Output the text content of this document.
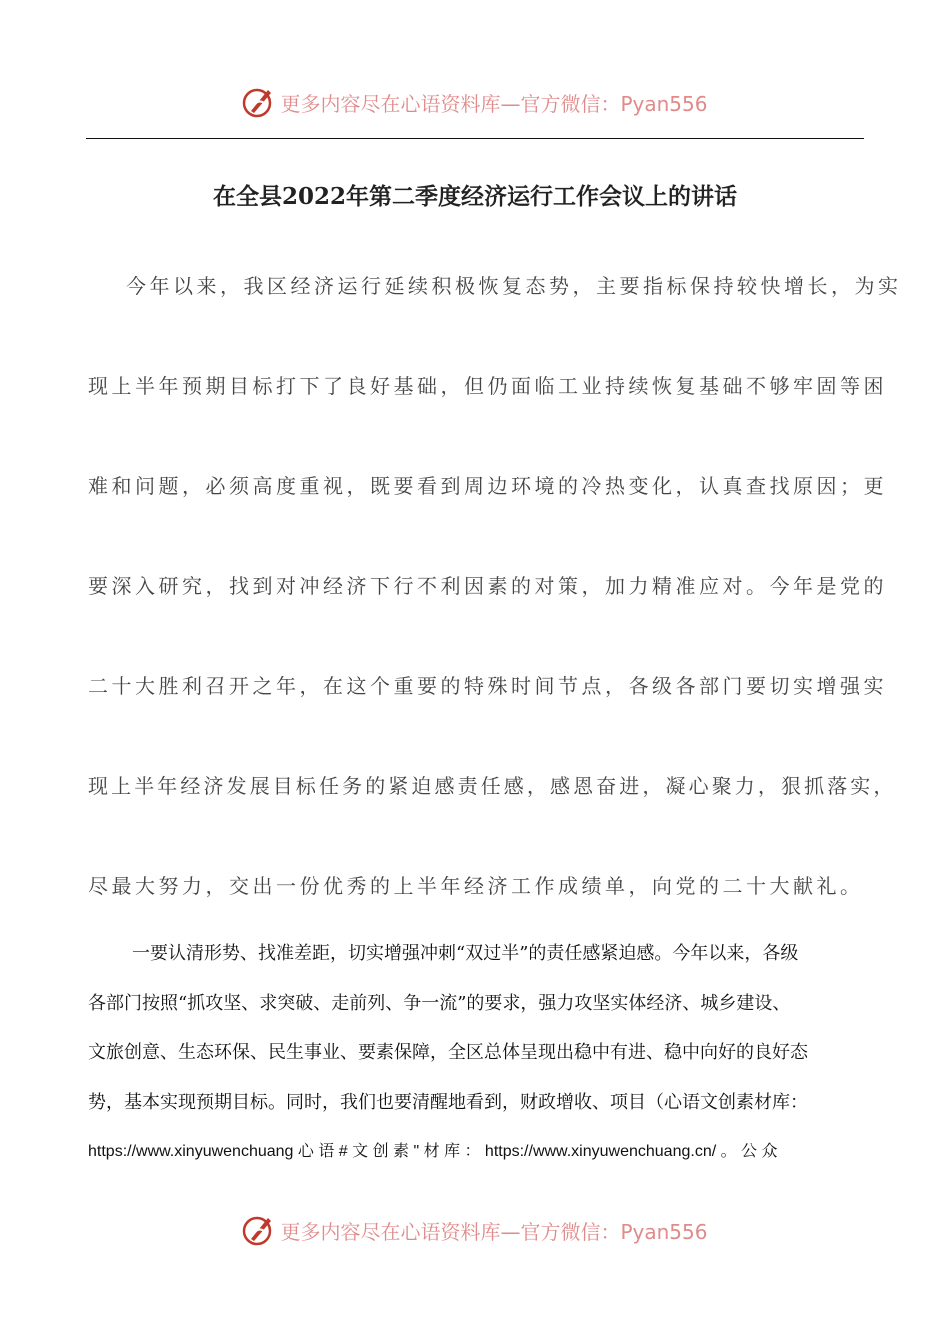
更多内容尽在心语资料库—官方微信：Pyan556
在全县2022年第二季度经济运行工作会议上的讲话
今年以来，我区经济运行延续积极恢复态势，主要指标保持较快增长，为实
现上半年预期目标打下了良好基础，但仍面临工业持续恢复基础不够牢固等困
难和问题，必须高度重视，既要看到周边环境的冷热变化，认真查找原因；更
要深入研究，找到对冲经济下行不利因素的对策，加力精准应对。今年是党的
二十大胜利召开之年，在这个重要的特殊时间节点，各级各部门要切实增强实
现上半年经济发展目标任务的紧迫感责任感，感恩奋进，凝心聚力，狠抓落实，
尽最大努力，交出一份优秀的上半年经济工作成绩单，向党的二十大献礼。
一要认清形势、找准差距，切实增强冲刺“双过半”的责任感紧迫感。今年以来，各级
各部门按照“抓攻坚、求突破、走前列、争一流”的要求，强力攻坚实体经济、城乡建设、
文旅创意、生态环保、民生事业、要素保障，全区总体呈现出稳中有进、稳中向好的良好态
势，基本实现预期目标。同时，我们也要清醒地看到，财政增收、项目（心语文创素材库：
https://www.xinyuwenchuang 心 语 # 文 创 素 " 材 库 ： https://www.xinyuwenchuang.cn/ 。 公 众
更多内容尽在心语资料库—官方微信：Pyan556
